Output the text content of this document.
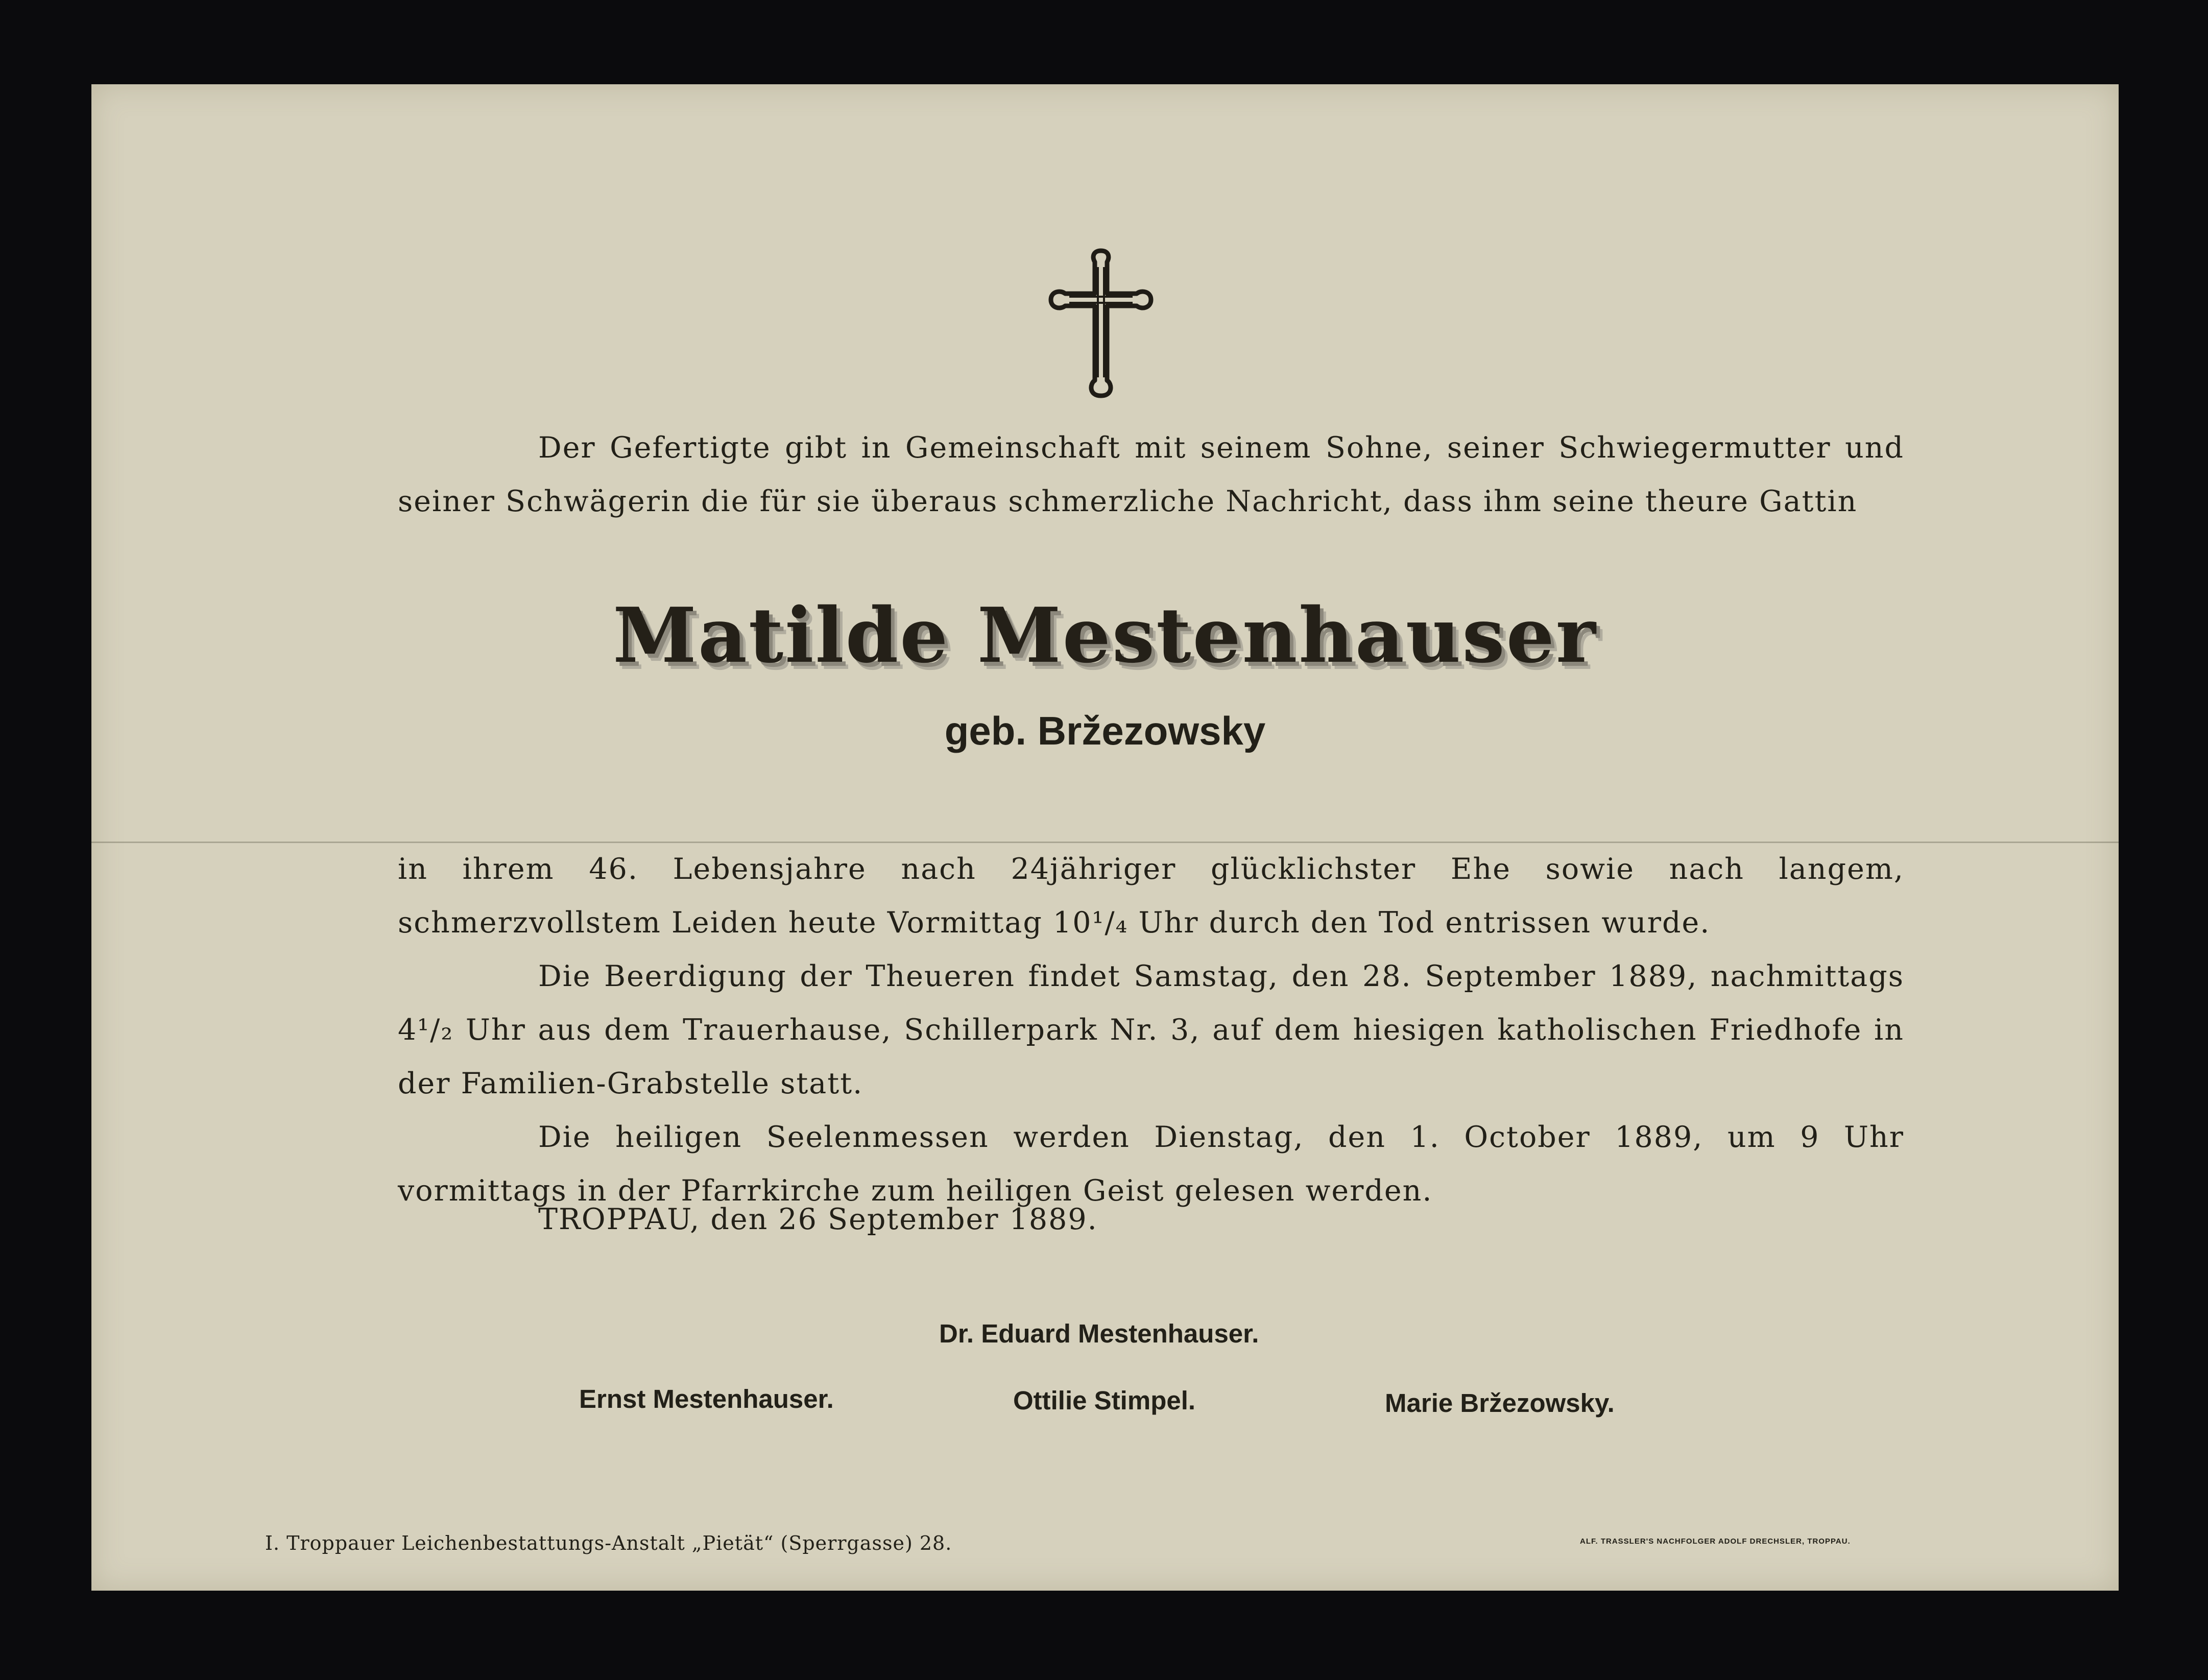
Der Gefertigte gibt in Gemeinschaft mit seinem Sohne, seiner Schwiegermutter und seiner Schwägerin die für sie überaus schmerzliche Nachricht, dass ihm seine theure Gattin
Matilde Mestenhauser
geb. Bržezowsky
in ihrem 46. Lebensjahre nach 24jähriger glücklichster Ehe sowie nach langem, schmerzvollstem Leiden heute Vormittag 10¹/₄ Uhr durch den Tod entrissen wurde.
Die Beerdigung der Theueren findet Samstag, den 28. September 1889, nachmittags 4¹/₂ Uhr aus dem Trauerhause, Schillerpark Nr. 3, auf dem hiesigen katholischen Friedhofe in der Familien-Grabstelle statt.
Die heiligen Seelenmessen werden Dienstag, den 1. October 1889, um 9 Uhr vormittags in der Pfarrkirche zum heiligen Geist gelesen werden.
TROPPAU, den 26 September 1889.
Dr. Eduard Mestenhauser.
Ernst Mestenhauser.	Ottilie Stimpel.	Marie Bržezowsky.
I. Troppauer Leichenbestattungs-Anstalt „Pietät“ (Sperrgasse) 28.	ALF. TRASSLER'S NACHFOLGER ADOLF DRECHSLER, TROPPAU.
